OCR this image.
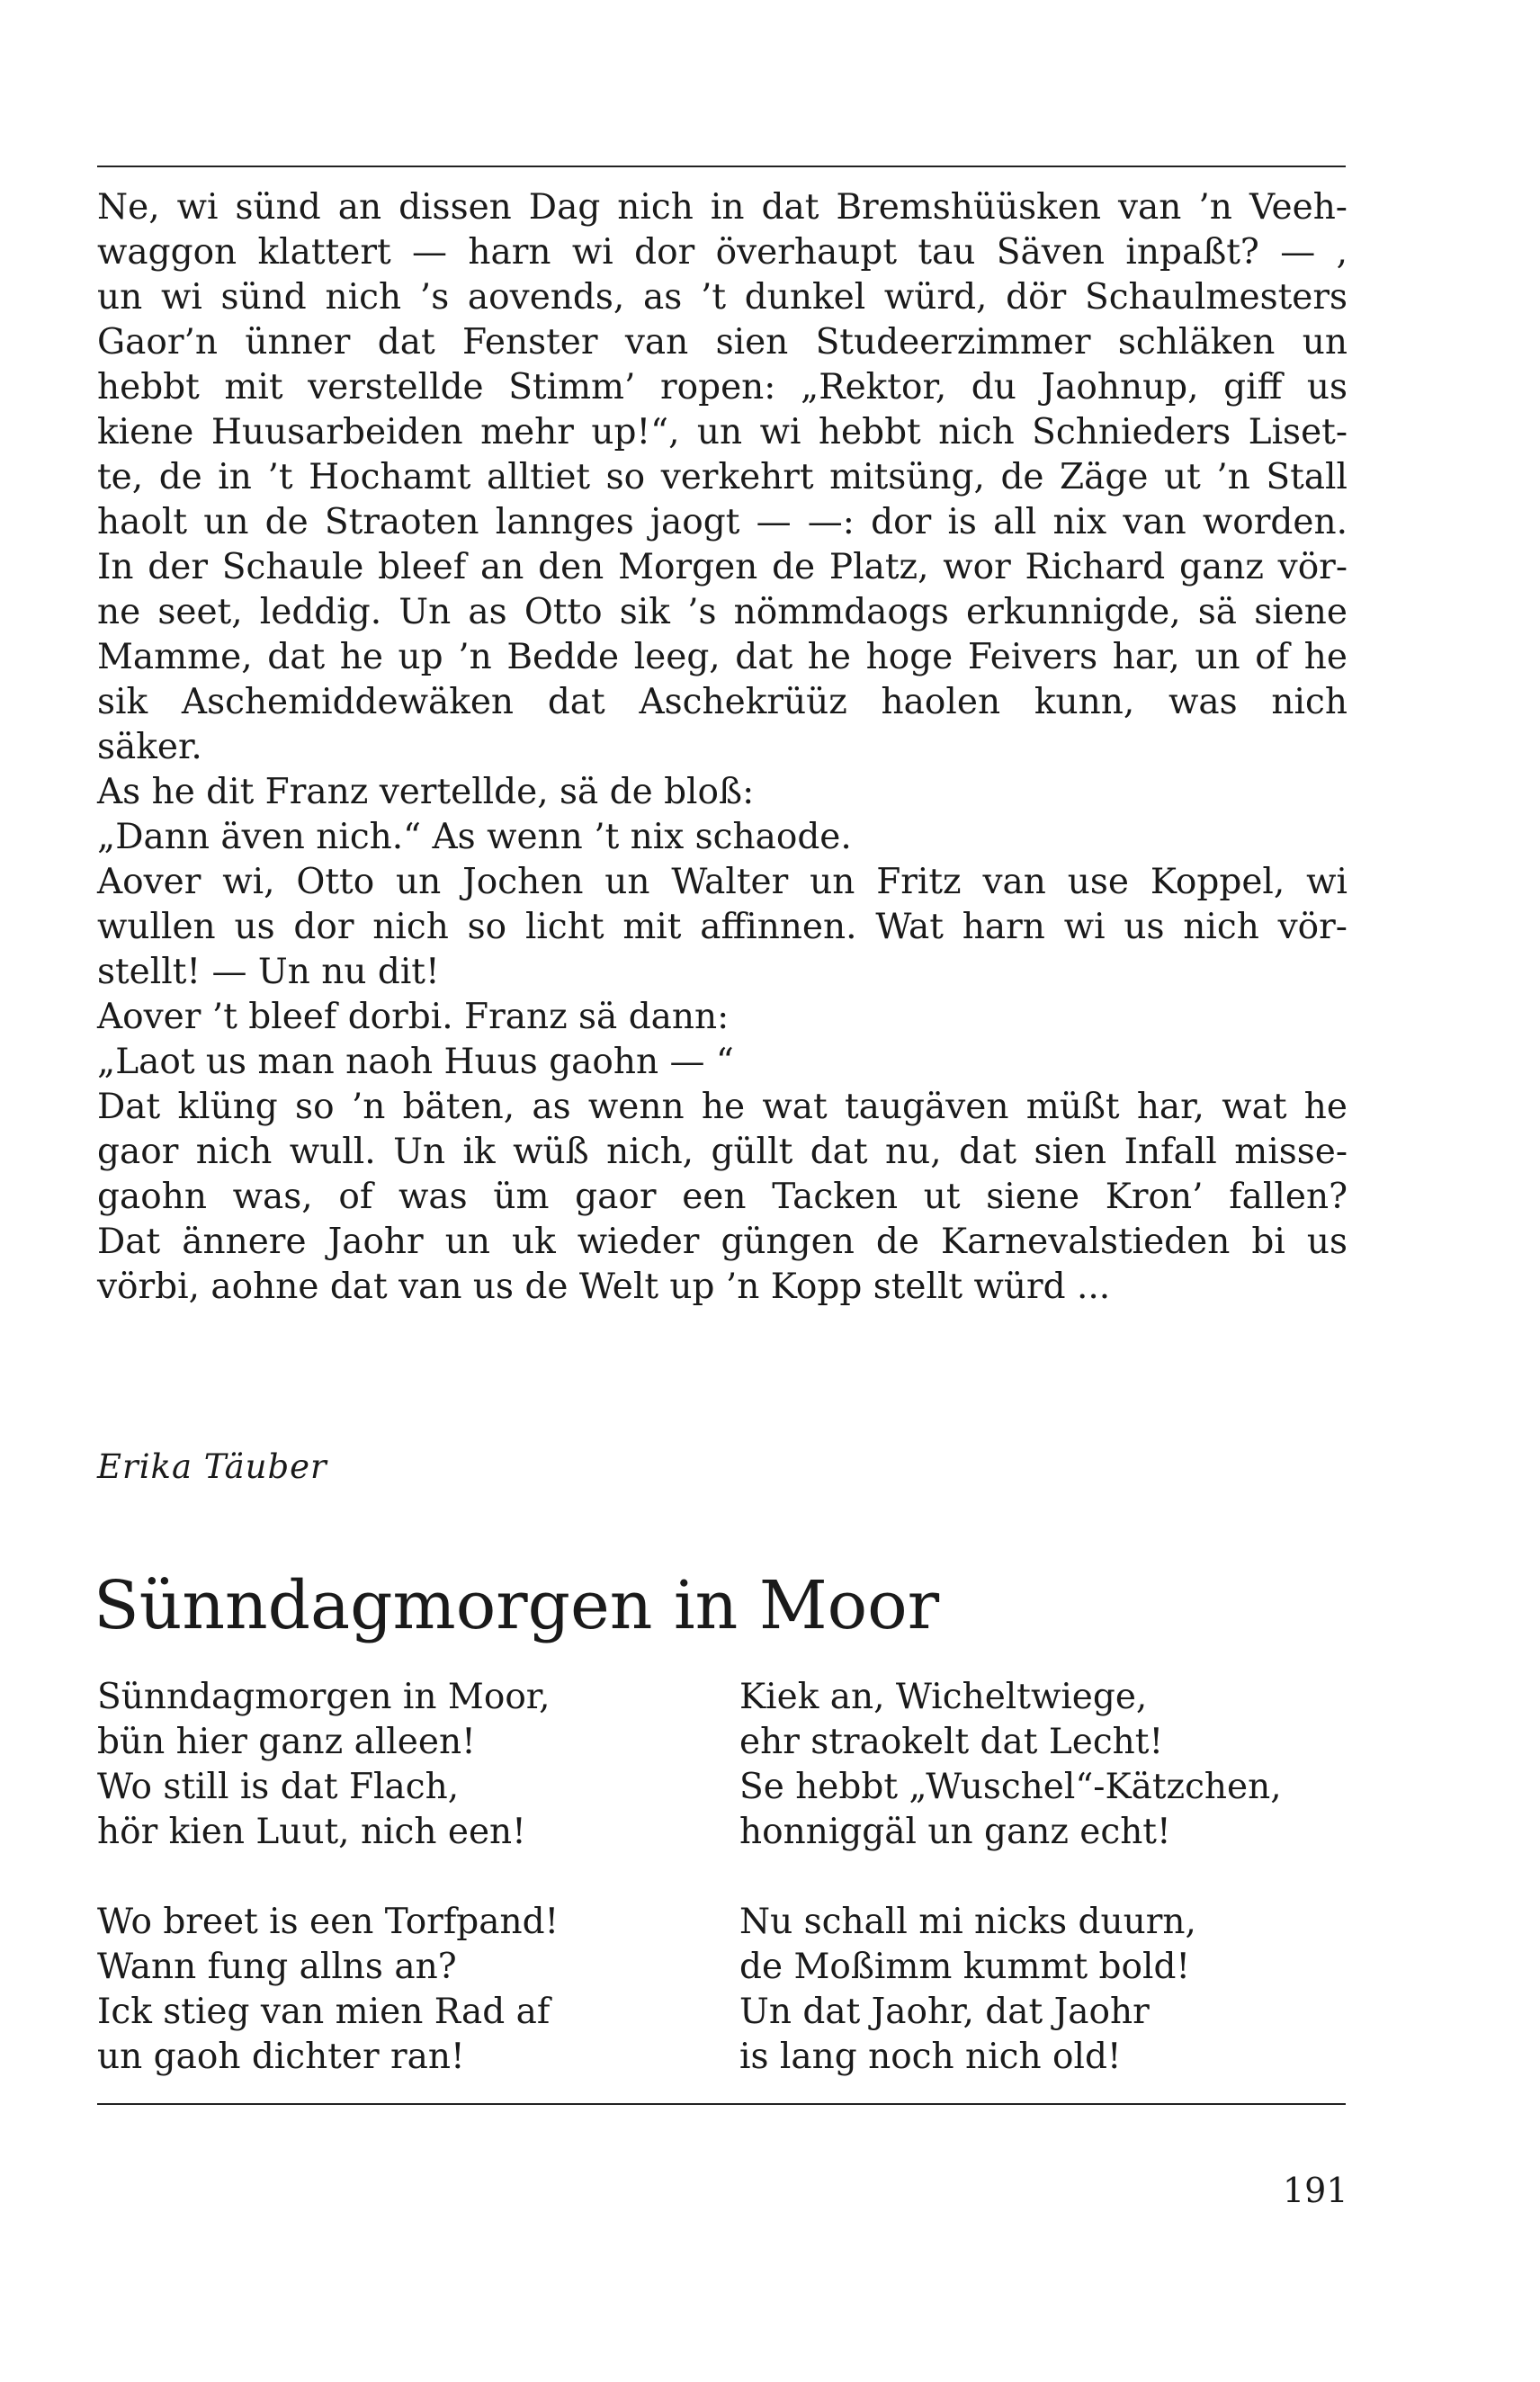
Ne, wi sünd an dissen Dag nich in dat Bremshüüsken van ’n Veeh-
waggon klattert — harn wi dor överhaupt tau Säven inpaßt? — ,
un wi sünd nich ’s aovends, as ’t dunkel würd, dör Schaulmesters
Gaor’n ünner dat Fenster van sien Studeerzimmer schläken un
hebbt mit verstellde Stimm’ ropen: „Rektor, du Jaohnup, giff us
kiene Huusarbeiden mehr up!“, un wi hebbt nich Schnieders Liset-
te, de in ’t Hochamt alltiet so verkehrt mitsüng, de Zäge ut ’n Stall
haolt un de Straoten lannges jaogt — —: dor is all nix van worden.
In der Schaule bleef an den Morgen de Platz, wor Richard ganz vör-
ne seet, leddig. Un as Otto sik ’s nömmdaogs erkunnigde, sä siene
Mamme, dat he up ’n Bedde leeg, dat he hoge Feivers har, un of he
sik Aschemiddewäken dat Aschekrüüz haolen kunn, was nich
säker.
As he dit Franz vertellde, sä de bloß:
„Dann även nich.“ As wenn ’t nix schaode.
Aover wi, Otto un Jochen un Walter un Fritz van use Koppel, wi
wullen us dor nich so licht mit affinnen. Wat harn wi us nich vör-
stellt! — Un nu dit!
Aover ’t bleef dorbi. Franz sä dann:
„Laot us man naoh Huus gaohn — “
Dat klüng so ’n bäten, as wenn he wat taugäven müßt har, wat he
gaor nich wull. Un ik wüß nich, güllt dat nu, dat sien Infall misse-
gaohn was, of was üm gaor een Tacken ut siene Kron’ fallen?
Dat ännere Jaohr un uk wieder güngen de Karnevalstieden bi us
vörbi, aohne dat van us de Welt up ’n Kopp stellt würd ...
Erika Täuber
Sünndagmorgen in Moor
Sünndagmorgen in Moor,
bün hier ganz alleen!
Wo still is dat Flach,
hör kien Luut, nich een!
Wo breet is een Torfpand!
Wann fung allns an?
Ick stieg van mien Rad af
un gaoh dichter ran!
Kiek an, Wicheltwiege,
ehr straokelt dat Lecht!
Se hebbt „Wuschel“-Kätzchen,
honniggäl un ganz echt!
Nu schall mi nicks duurn,
de Moßimm kummt bold!
Un dat Jaohr, dat Jaohr
is lang noch nich old!
191
